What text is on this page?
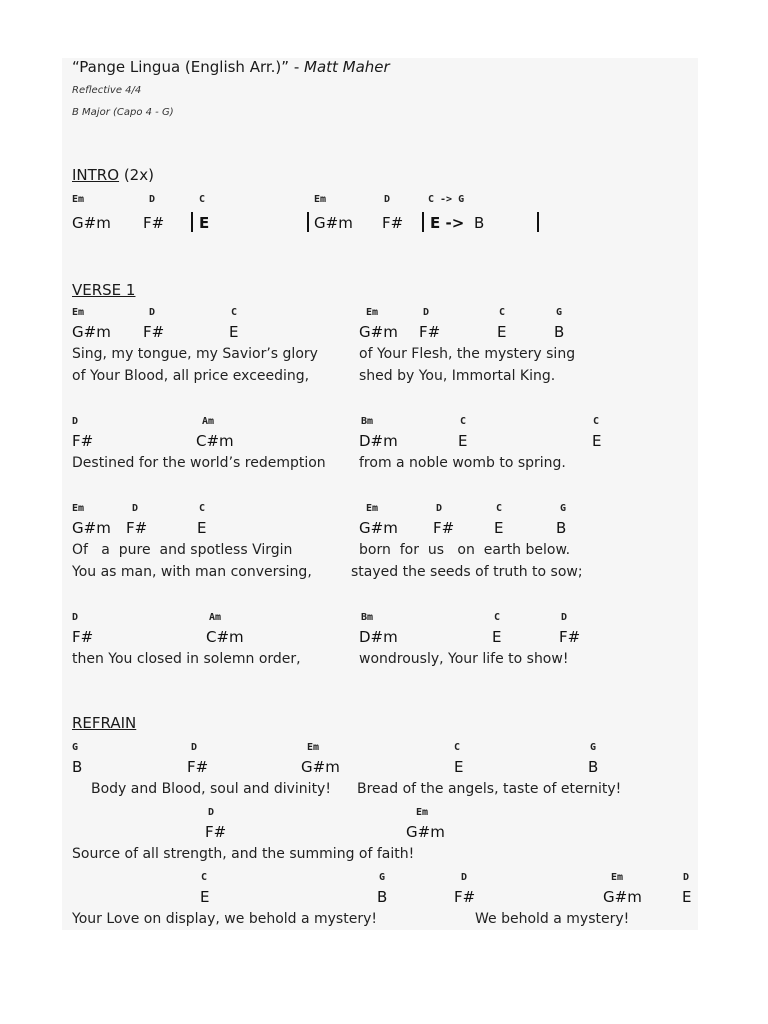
“Pange Lingua (English Arr.)” - Matt Maher
Reflective 4/4
B Major (Capo 4 - G)
INTRO (2x)
Em	D	C	Em	D	C -> G
G#m F# E	G#m F# E -> B
VERSE 1
Em	D	C	Em	D	C	G
G#m F#	E	G#m F#	E	B
Sing, my tongue, my Savior’s glory	of Your Flesh, the mystery sing
of Your Blood, all price exceeding,	shed by You, Immortal King.
D	Am	Bm	C	C
F#	C#m	D#m	E	E
Destined for the world’s redemption from a noble womb to spring.
Em	D	C	Em	D	C	G
G#m F#	E	G#m F#	E	B
Of   a  pure  and spotless Virgin	born  for  us   on  earth below.
You as man, with man conversing,	stayed the seeds of truth to sow;
D	Am	Bm	C	D
F#	C#m	D#m	E	F#
then You closed in solemn order,	wondrously, Your life to show!
REFRAIN
G	D	Em	C	G
B	F#	G#m	E	B
Body and Blood, soul and divinity! Bread of the angels, taste of eternity!
D	Em
F#	G#m
Source of all strength, and the summing of faith!
C	G	D	Em	D
E	B	F#	G#m	E
Your Love on display, we behold a mystery!	We behold a mystery!
